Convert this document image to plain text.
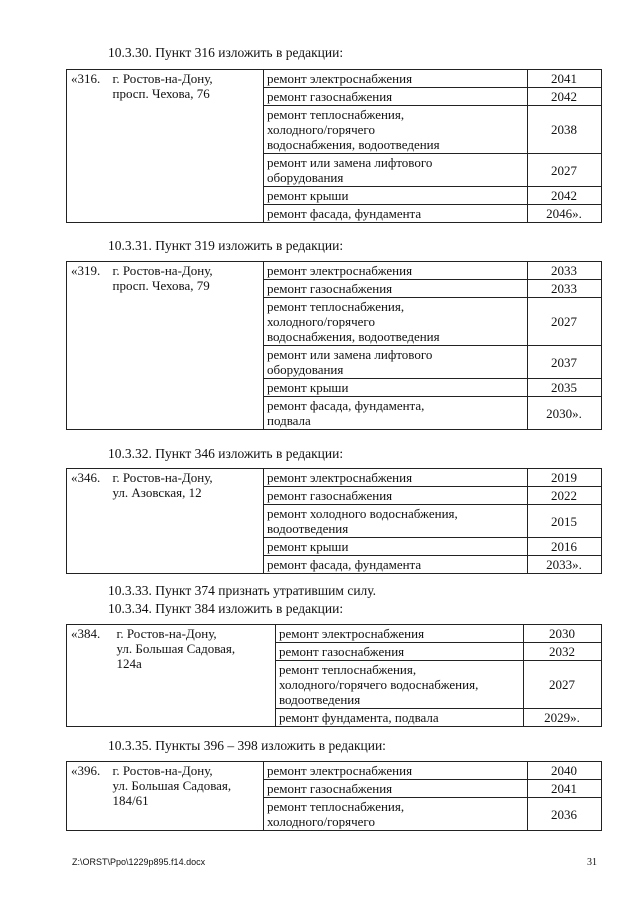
10.3.30. Пункт 316 изложить в редакции:
«316.	г. Ростов-на-Дону,
просп. Чехова, 76	ремонт электроснабжения	2041

		ремонт газоснабжения	2042

		ремонт теплоснабжения,
холодного/горячего
водоснабжения, водоотведения	2038

		ремонт или замена лифтового
оборудования	2027

		ремонт крыши	2042

		ремонт фасада, фундамента	2046».
10.3.31. Пункт 319 изложить в редакции:
«319.	г. Ростов-на-Дону,
просп. Чехова, 79	ремонт электроснабжения	2033

		ремонт газоснабжения	2033

		ремонт теплоснабжения,
холодного/горячего
водоснабжения, водоотведения	2027

		ремонт или замена лифтового
оборудования	2037

		ремонт крыши	2035

		ремонт фасада, фундамента,
подвала	2030».
10.3.32. Пункт 346 изложить в редакции:
«346.	г. Ростов-на-Дону,
ул. Азовская, 12	ремонт электроснабжения	2019

		ремонт газоснабжения	2022

		ремонт холодного водоснабжения,
водоотведения	2015

		ремонт крыши	2016

		ремонт фасада, фундамента	2033».
10.3.33. Пункт 374 признать утратившим силу.
10.3.34. Пункт 384 изложить в редакции:
«384.	г. Ростов-на-Дону,
ул. Большая Садовая,
124а	ремонт электроснабжения	2030

		ремонт газоснабжения	2032

		ремонт теплоснабжения,
холодного/горячего водоснабжения,
водоотведения	2027

		ремонт фундамента, подвала	2029».
10.3.35. Пункты 396 – 398 изложить в редакции:
«396.	г. Ростов-на-Дону,
ул. Большая Садовая,
184/61	ремонт электроснабжения	2040

		ремонт газоснабжения	2041

		ремонт теплоснабжения,
холодного/горячего	2036
Z:\ORST\Ppo\1229p895.f14.docx	31
